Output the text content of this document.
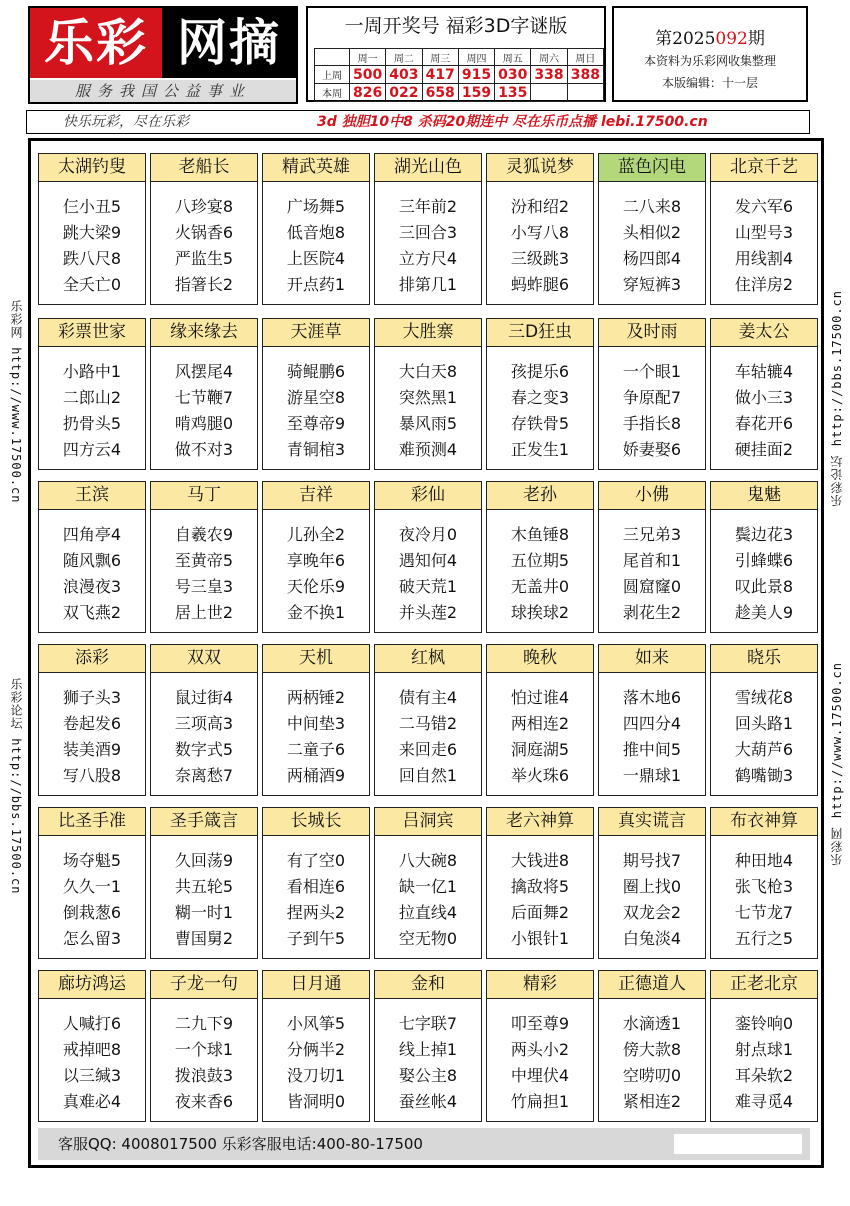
乐彩 网摘
服务我国公益事业
一周开奖号 福彩3D字谜版
	周一	周二	周三	周四	周五	周六	周日
上周	500	403	417	915	030	338	388
本周	826	022	658	159	135		
第2025092期
本资料为乐彩网收集整理
本版编辑：十一层
快乐玩彩，尽在乐彩	3d 独胆10中8 杀码20期连中 尽在乐币点播 lebi.17500.cn
乐彩网 http://www.17500.cn
乐彩论坛 http://bbs.17500.cn
乐彩论坛 http://bbs.17500.cn
乐彩网 http://www.17500.cn
太湖钓叟
仨小丑5
跳大梁9
跌八尺8
全夭亡0
老船长
八珍宴8
火锅香6
严监生5
指箸长2
精武英雄
广场舞5
低音炮8
上医院4
开点药1
湖光山色
三年前2
三回合3
立方尺4
排第几1
灵狐说梦
汾和绍2
小写八8
三级跳3
蚂蚱腿6
蓝色闪电
二八来8
头相似2
杨四郎4
穿短裤3
北京千艺
发六军6
山型号3
用线割4
住洋房2
彩票世家
小路中1
二郎山2
扔骨头5
四方云4
缘来缘去
风摆尾4
七节鞭7
啃鸡腿0
做不对3
天涯草
骑鲲鹏6
游星空8
至尊帝9
青铜棺3
大胜寨
大白天8
突然黑1
暴风雨5
难预测4
三D狂虫
孩提乐6
春之变3
存铁骨5
正发生1
及时雨
一个眼1
争原配7
手指长8
娇妻娶6
姜太公
车轱辘4
做小三3
春花开6
硬挂面2
王滨
四角亭4
随风飘6
浪漫夜3
双飞燕2
马丁
自羲农9
至黄帝5
号三皇3
居上世2
吉祥
儿孙全2
享晚年6
天伦乐9
金不换1
彩仙
夜冷月0
遇知何4
破天荒1
并头莲2
老孙
木鱼锤8
五位期5
无盖井0
球挨球2
小佛
三兄弟3
尾首和1
圆窟窿0
剥花生2
鬼魅
鬓边花3
引蜂蝶6
叹此景8
趁美人9
添彩
狮子头3
卷起发6
装美酒9
写八股8
双双
鼠过街4
三项高3
数字式5
奈离愁7
天机
两柄锤2
中间垫3
二童子6
两桶酒9
红枫
债有主4
二马错2
来回走6
回自然1
晚秋
怕过谁4
两相连2
洞庭湖5
举火珠6
如来
落木地6
四四分4
推中间5
一鼎球1
晓乐
雪绒花8
回头路1
大葫芦6
鹤嘴锄3
比圣手准
场夺魁5
久久一1
倒栽葱6
怎么留3
圣手箴言
久回荡9
共五轮5
糊一时1
曹国舅2
长城长
有了空0
看相连6
捏两头2
子到午5
吕洞宾
八大碗8
缺一亿1
拉直线4
空无物0
老六神算
大钱进8
擒敌将5
后面舞2
小银针1
真实谎言
期号找7
圈上找0
双龙会2
白兔淡4
布衣神算
种田地4
张飞枪3
七节龙7
五行之5
廊坊鸿运
人喊打6
戒掉吧8
以三缄3
真难必4
子龙一句
二九下9
一个球1
拨浪鼓3
夜来香6
日月通
小风筝5
分俩半2
没刀切1
皆洞明0
金和
七字联7
线上掉1
娶公主8
蚕丝帐4
精彩
叩至尊9
两头小2
中埋伏4
竹扁担1
正德道人
水滴透1
傍大款8
空唠叨0
紧相连2
正老北京
銮铃响0
射点球1
耳朵软2
难寻觅4
客服QQ: 4008017500 乐彩客服电话:400-80-17500
